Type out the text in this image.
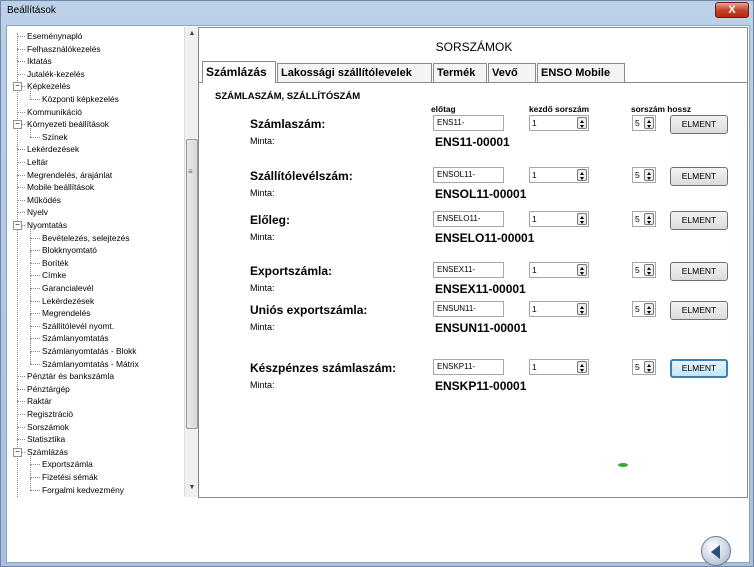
Beállítások	X
Eseménynapló
Felhasználókezelés
Iktatás
Jutalék-kezelés
− Képkezelés
Központi képkezelés
Kommunikáció
− Környezeti beállítások
Színek
Lekérdezések
Leltár
Megrendelés, árajánlat
Mobile beállítások
Működés
Nyelv
− Nyomtatás
Bevételezés, selejtezés
Blokknyomtató
Boríték
Címke
Garancialevél
Lekérdezések
Megrendelés
Szállítólevél nyomt.
Számlanyomtatás
Számlanyomtatás - Blokk
Számlanyomtatás - Mátrix
Pénztár és bankszámla
Pénztárgép
Raktár
Regisztráció
Sorszámok
Statisztika
− Számlázás
Exportszámla
Fizetési sémák
Forgalmi kedvezmény
▲
≡
▼
SORSZÁMOK
Számlázás	Lakossági szállítólevelek	Termék	Vevő	ENSO Mobile
SZÁMLASZÁM, SZÁLLÍTÓSZÁM
előtag	kezdő sorszám	sorszám hossz
Számlaszám:
Minta:	ENS11-00001
ENS11-	1	5	ELMENT
Szállítólevélszám:
Minta:	ENSOL11-00001
ENSOL11-	1	5	ELMENT
Előleg:
Minta:	ENSELO11-00001
ENSELO11-	1	5	ELMENT
Exportszámla:
Minta:	ENSEX11-00001
ENSEX11-	1	5	ELMENT
Uniós exportszámla:
Minta:	ENSUN11-00001
ENSUN11-	1	5	ELMENT
Készpénzes számlaszám:
Minta:	ENSKP11-00001
ENSKP11-	1	5	ELMENT
